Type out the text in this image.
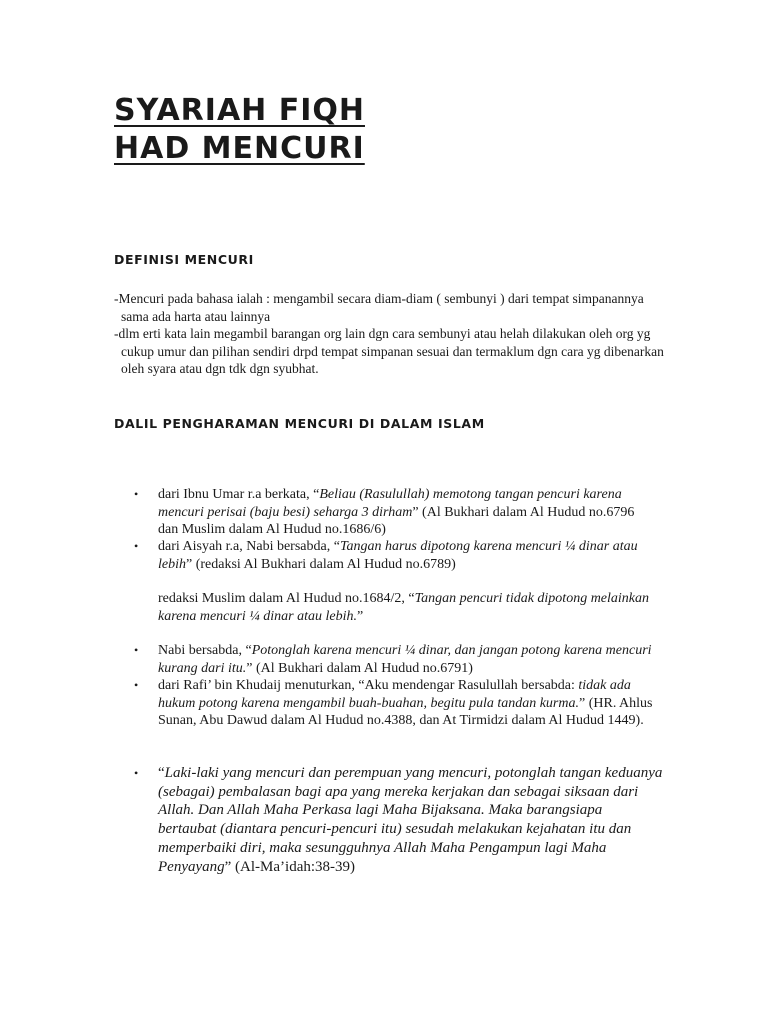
SYARIAH FIQH
HAD MENCURI
DEFINISI MENCURI

-Mencuri pada bahasa ialah : mengambil secara diam-diam ( sembunyi ) dari tempat simpanannya sama ada harta atau lainnya

-dlm erti kata lain megambil barangan org lain dgn cara sembunyi atau helah dilakukan oleh org yg cukup umur dan pilihan sendiri drpd tempat simpanan sesuai dan termaklum dgn cara yg dibenarkan oleh syara atau dgn tdk dgn syubhat.

DALIL PENGHARAMAN MENCURI DI DALAM ISLAM
• dari Ibnu Umar r.a berkata, “Beliau (Rasulullah) memotong tangan pencuri karena mencuri perisai (baju besi) seharga 3 dirham” (Al Bukhari dalam Al Hudud no.6796 dan Muslim dalam Al Hudud no.1686/6)
• dari Aisyah r.a, Nabi bersabda, “Tangan harus dipotong karena mencuri ¼ dinar atau lebih” (redaksi Al Bukhari dalam Al Hudud no.6789)
redaksi Muslim dalam Al Hudud no.1684/2, “Tangan pencuri tidak dipotong melainkan karena mencuri ¼ dinar atau lebih.”
• Nabi bersabda, “Potonglah karena mencuri ¼ dinar, dan jangan potong karena mencuri kurang dari itu.” (Al Bukhari dalam Al Hudud no.6791)
• dari Rafi’ bin Khudaij menuturkan, “Aku mendengar Rasulullah bersabda: tidak ada hukum potong karena mengambil buah-buahan, begitu pula tandan kurma.” (HR. Ahlus Sunan, Abu Dawud dalam Al Hudud no.4388, dan At Tirmidzi dalam Al Hudud 1449).
• “Laki-laki yang mencuri dan perempuan yang mencuri, potonglah tangan keduanya (sebagai) pembalasan bagi apa yang mereka kerjakan dan sebagai siksaan dari Allah. Dan Allah Maha Perkasa lagi Maha Bijaksana. Maka barangsiapa bertaubat (diantara pencuri-pencuri itu) sesudah melakukan kejahatan itu dan memperbaiki diri, maka sesungguhnya Allah Maha Pengampun lagi Maha Penyayang” (Al-Ma’idah:38-39)
